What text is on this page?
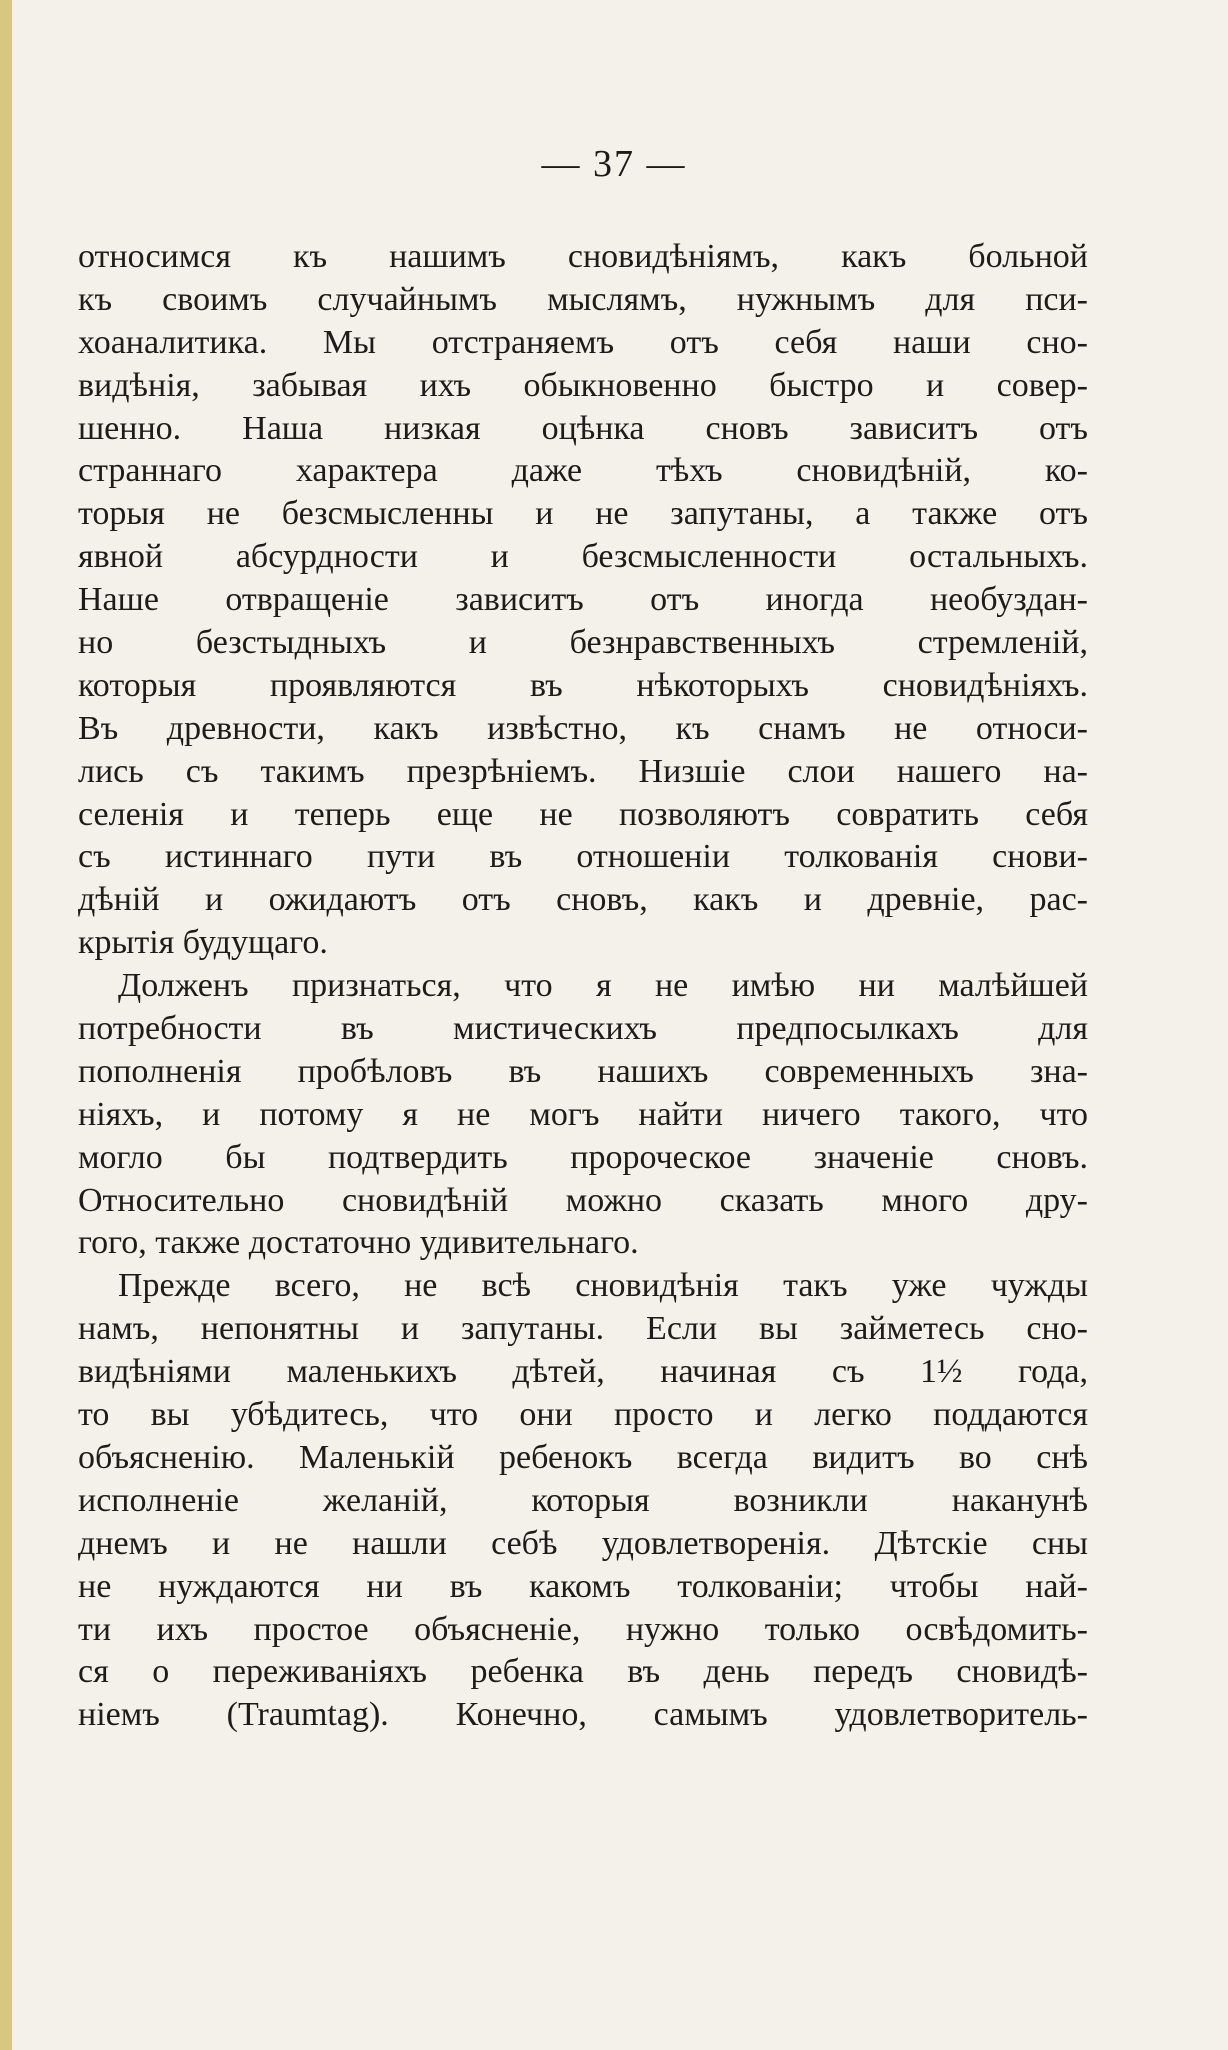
— 37 —
относимся къ нашимъ сновидѣніямъ, какъ больной
къ своимъ случайнымъ мыслямъ, нужнымъ для пси-
хоаналитика. Мы отстраняемъ отъ себя наши сно-
видѣнія, забывая ихъ обыкновенно быстро и совер-
шенно. Наша низкая оцѣнка сновъ зависитъ отъ
страннаго характера даже тѣхъ сновидѣній, ко-
торыя не безсмысленны и не запутаны, а также отъ
явной абсурдности и безсмысленности остальныхъ.
Наше отвращеніе зависитъ отъ иногда необуздан-
но безстыдныхъ и безнравственныхъ стремленій,
которыя проявляются въ нѣкоторыхъ сновидѣніяхъ.
Въ древности, какъ извѣстно, къ снамъ не относи-
лись съ такимъ презрѣніемъ. Низшіе слои нашего на-
селенія и теперь еще не позволяютъ совратить себя
съ истиннаго пути въ отношеніи толкованія снови-
дѣній и ожидаютъ отъ сновъ, какъ и древніе, рас-
крытія будущаго.
Долженъ признаться, что я не имѣю ни малѣйшей
потребности въ мистическихъ предпосылкахъ для
пополненія пробѣловъ въ нашихъ современныхъ зна-
ніяхъ, и потому я не могъ найти ничего такого, что
могло бы подтвердить пророческое значеніе сновъ.
Относительно сновидѣній можно сказать много дру-
гого, также достаточно удивительнаго.
Прежде всего, не всѣ сновидѣнія такъ уже чужды
намъ, непонятны и запутаны. Если вы займетесь сно-
видѣніями маленькихъ дѣтей, начиная съ 1½ года,
то вы убѣдитесь, что они просто и легко поддаются
объясненію. Маленькій ребенокъ всегда видитъ во снѣ
исполненіе желаній, которыя возникли наканунѣ
днемъ и не нашли себѣ удовлетворенія. Дѣтскіе сны
не нуждаются ни въ какомъ толкованіи; чтобы най-
ти ихъ простое объясненіе, нужно только освѣдомить-
ся о переживаніяхъ ребенка въ день передъ сновидѣ-
ніемъ (Traumtag). Конечно, самымъ удовлетворитель-
